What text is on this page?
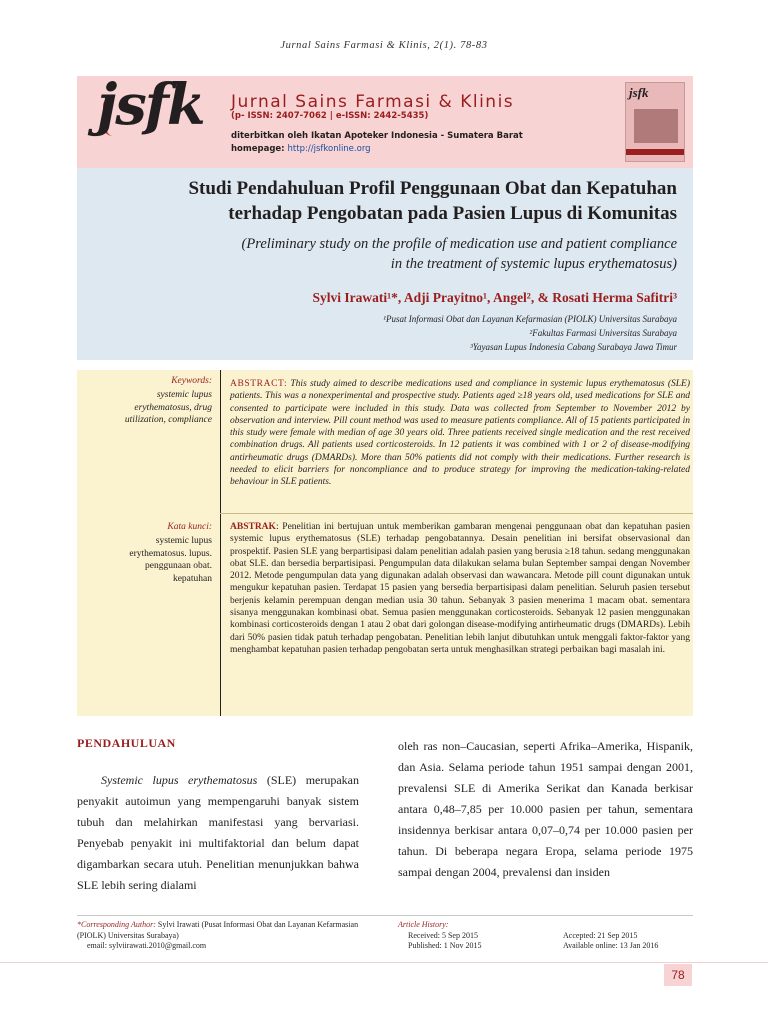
Jurnal Sains Farmasi & Klinis, 2(1). 78-83
jsfk Jurnal Sains Farmasi & Klinis
(p- ISSN: 2407-7062 | e-ISSN: 2442-5435)
diterbitkan oleh Ikatan Apoteker Indonesia - Sumatera Barat
homepage: http://jsfkonline.org
jsfk
Studi Pendahuluan Profil Penggunaan Obat dan Kepatuhan
terhadap Pengobatan pada Pasien Lupus di Komunitas
(Preliminary study on the profile of medication use and patient compliance
in the treatment of systemic lupus erythematosus)
Sylvi Irawati¹*, Adji Prayitno¹, Angel², & Rosati Herma Safitri³
¹Pusat Informasi Obat dan Layanan Kefarmasian (PIOLK) Universitas Surabaya
²Fakultas Farmasi Universitas Surabaya
³Yayasan Lupus Indonesia Cabang Surabaya Jawa Timur
Keywords:
systemic lupus
erythematosus, drug
utilization, compliance
ABSTRACT: This study aimed to describe medications used and compliance in systemic lupus erythematosus (SLE) patients. This was a nonexperimental and prospective study. Patients aged ≥18 years old, used medications for SLE and consented to participate were included in this study. Data was collected from September to November 2012 by observation and interview. Pill count method was used to measure patients compliance. All of 15 patients participated in this study were female with median of age 30 years old. Three patients received single medication and the rest received combination drugs. All patients used corticosteroids. In 12 patients it was combined with 1 or 2 of disease-modifying antirheumatic drugs (DMARDs). More than 50% patients did not comply with their medications. Further research is needed to elicit barriers for noncompliance and to produce strategy for improving the medication-taking-related behaviour in SLE patients.
Kata kunci:
systemic lupus
erythematosus. lupus.
penggunaan obat.
kepatuhan
ABSTRAK: Penelitian ini bertujuan untuk memberikan gambaran mengenai penggunaan obat dan kepatuhan pasien systemic lupus erythematosus (SLE) terhadap pengobatannya. Desain penelitian ini bersifat observasional dan prospektif. Pasien SLE yang berpartisipasi dalam penelitian adalah pasien yang berusia ≥18 tahun. sedang menggunakan obat SLE. dan bersedia berpartisipasi. Pengumpulan data dilakukan selama bulan September sampai dengan November 2012. Metode pengumpulan data yang digunakan adalah observasi dan wawancara. Metode pill count digunakan untuk mengukur kepatuhan pasien. Terdapat 15 pasien yang bersedia berpartisipasi dalam penelitian. Seluruh pasien tersebut berjenis kelamin perempuan dengan median usia 30 tahun. Sebanyak 3 pasien menerima 1 macam obat. sementara sisanya menggunakan kombinasi obat. Semua pasien menggunakan corticosteroids. Sebanyak 12 pasien menggunakan kombinasi corticosteroids dengan 1 atau 2 obat dari golongan disease-modifying antirheumatic drugs (DMARDs). Lebih dari 50% pasien tidak patuh terhadap pengobatan. Penelitian lebih lanjut dibutuhkan untuk menggali faktor-faktor yang menghambat kepatuhan pasien terhadap pengobatan serta untuk menghasilkan strategi perbaikan bagi masalah ini.
PENDAHULUAN

Systemic lupus erythematosus (SLE) merupakan penyakit autoimun yang mempengaruhi banyak sistem tubuh dan melahirkan manifestasi yang bervariasi. Penyebab penyakit ini multifaktorial dan belum dapat digambarkan secara utuh. Penelitian menunjukkan bahwa SLE lebih sering dialami

oleh ras non–Caucasian, seperti Afrika–Amerika, Hispanik, dan Asia. Selama periode tahun 1951 sampai dengan 2001, prevalensi SLE di Amerika Serikat dan Kanada berkisar antara 0,48–7,85 per 10.000 pasien per tahun, sementara insidennya berkisar antara 0,07–0,74 per 10.000 pasien per tahun. Di beberapa negara Eropa, selama periode 1975 sampai dengan 2004, prevalensi dan insiden

*Corresponding Author: Sylvi Irawati (Pusat Informasi Obat dan Layanan Kefarmasian (PIOLK) Universitas Surabaya)
email: sylviirawati.2010@gmail.com
Article History:
Received: 5 Sep 2015	Accepted: 21 Sep 2015
Published: 1 Nov 2015	Available online: 13 Jan 2016
78
